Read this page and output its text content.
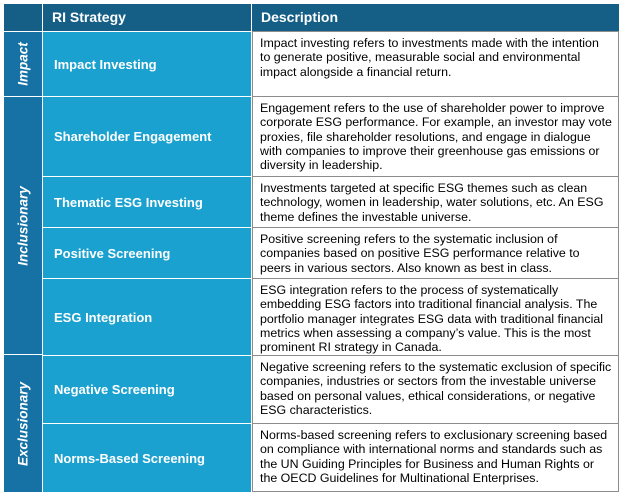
RI Strategy	Description
Impact
Inclusionary
Exclusionary
Impact Investing
Shareholder Engagement
Thematic ESG Investing
Positive Screening
ESG Integration
Negative Screening
Norms-Based Screening
Impact investing refers to investments made with the intention to generate positive, measurable social and environmental impact alongside a financial return.
Engagement refers to the use of shareholder power to improve corporate ESG performance. For example, an investor may vote proxies, file shareholder resolutions, and engage in dialogue with companies to improve their greenhouse gas emissions or diversity in leadership.
Investments targeted at specific ESG themes such as clean technology, women in leadership, water solutions, etc. An ESG theme defines the investable universe.
Positive screening refers to the systematic inclusion of companies based on positive ESG performance relative to peers in various sectors. Also known as best in class.
ESG integration refers to the process of systematically embedding ESG factors into traditional financial analysis. The portfolio manager integrates ESG data with traditional financial metrics when assessing a company’s value. This is the most prominent RI strategy in Canada.
Negative screening refers to the systematic exclusion of specific companies, industries or sectors from the investable universe based on personal values, ethical considerations, or negative ESG characteristics.
Norms-based screening refers to exclusionary screening based on compliance with international norms and standards such as the UN Guiding Principles for Business and Human Rights or the OECD Guidelines for Multinational Enterprises.
